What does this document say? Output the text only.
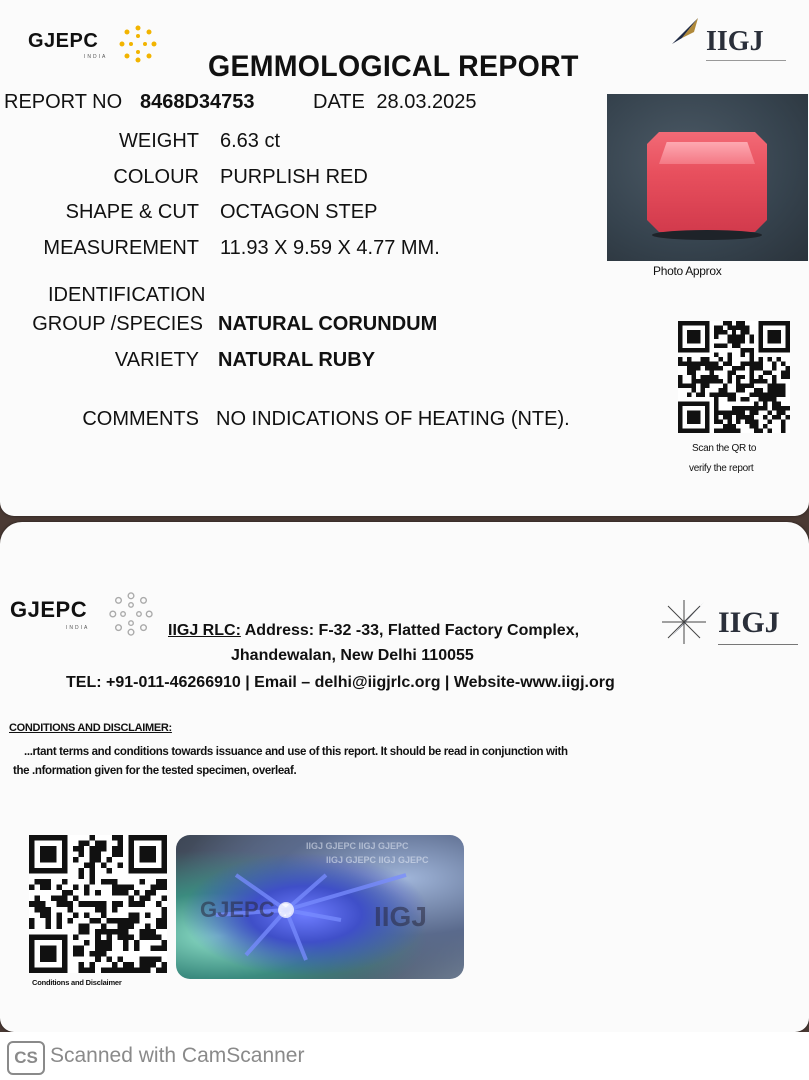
GJEPC
INDIA	IIGJ
GEMMOLOGICAL REPORT
REPORT NO 8468D34753	DATE 28.03.2025
WEIGHT 6.63 ct
COLOUR PURPLISH RED
SHAPE & CUT OCTAGON STEP
MEASUREMENT 11.93 X 9.59 X 4.77 MM.
IDENTIFICATION
GROUP /SPECIES NATURAL CORUNDUM
VARIETY NATURAL RUBY
COMMENTS NO INDICATIONS OF HEATING (NTE).
Photo Approx
Scan the QR to
verify the report
GJEPC
INDIA	IIGJ
IIGJ RLC: Address: F-32 -33, Flatted Factory Complex,
Jhandewalan, New Delhi 110055
TEL: +91-011-46266910 | Email – delhi@iigjrlc.org | Website-www.iigj.org
CONDITIONS AND DISCLAIMER:
...rtant terms and conditions towards issuance and use of this report. It should be read in conjunction with
the .nformation given for the tested specimen, overleaf.
Conditions and Disclaimer
IIGJ GJEPC IIGJ GJEPC
IIGJ GJEPC IIGJ GJEPC
GJEPC	IIGJ
CS Scanned with CamScanner
